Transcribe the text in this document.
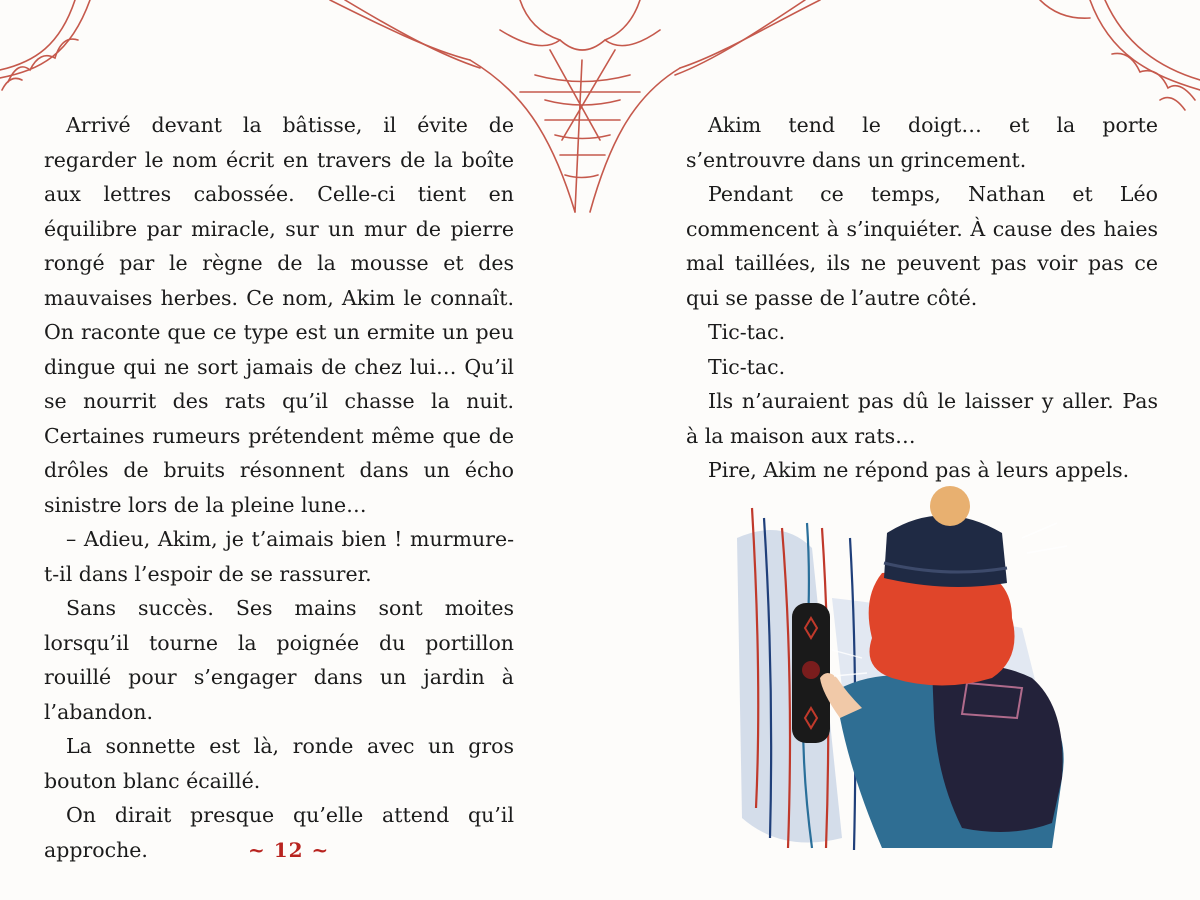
Arrivé devant la bâtisse, il évite de regarder le nom écrit en travers de la boîte aux lettres cabossée. Celle-ci tient en équilibre par miracle, sur un mur de pierre rongé par le règne de la mousse et des mauvaises herbes. Ce nom, Akim le connaît. On raconte que ce type est un ermite un peu dingue qui ne sort jamais de chez lui… Qu’il se nourrit des rats qu’il chasse la nuit. Certaines rumeurs prétendent même que de drôles de bruits résonnent dans un écho sinistre lors de la pleine lune…

– Adieu, Akim, je t’aimais bien ! murmure-t-il dans l’espoir de se rassurer.

Sans succès. Ses mains sont moites lorsqu’il tourne la poignée du portillon rouillé pour s’engager dans un jardin à l’abandon.

La sonnette est là, ronde avec un gros bouton blanc écaillé.

On dirait presque qu’elle attend qu’il approche.	~ 12 ~

Akim tend le doigt… et la porte s’entrouvre dans un grincement.

Pendant ce temps, Nathan et Léo commencent à s’inquiéter. À cause des haies mal taillées, ils ne peuvent pas voir pas ce qui se passe de l’autre côté.

Tic-tac.

Tic-tac.

Ils n’auraient pas dû le laisser y aller. Pas à la maison aux rats…

Pire, Akim ne répond pas à leurs appels.
